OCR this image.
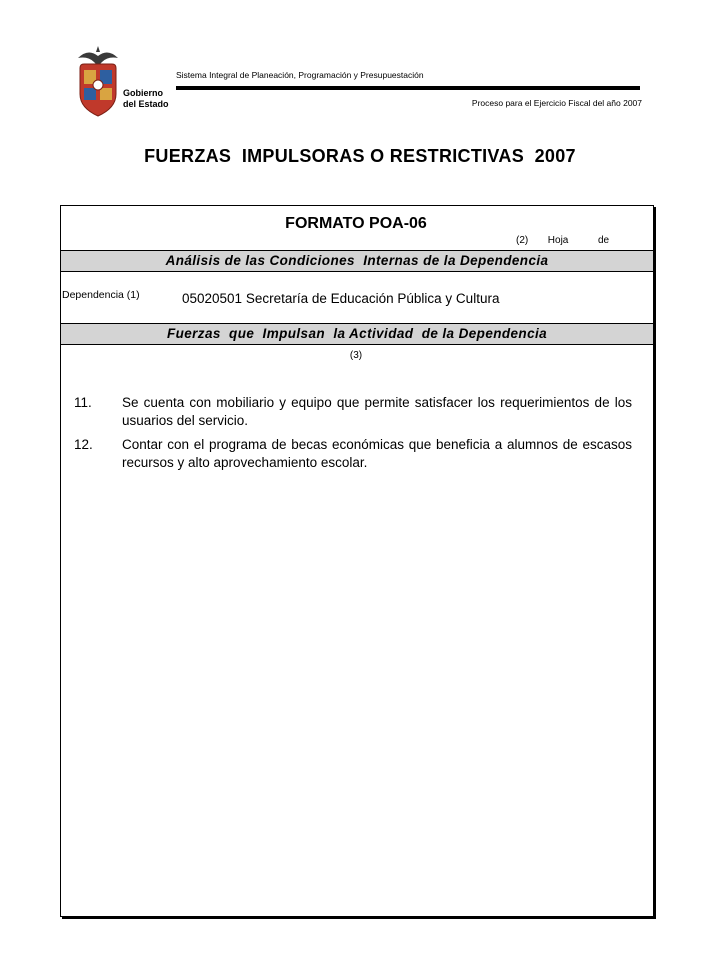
Gobierno
del Estado
Sistema Integral de Planeación, Programación y Presupuestación
Proceso para el Ejercicio Fiscal del año 2007
FUERZAS  IMPULSORAS O RESTRICTIVAS  2007
FORMATO POA-06
(2) Hoja	de
Análisis de las Condiciones  Internas de la Dependencia
Dependencia (1)	05020501 Secretaría de Educación Pública y Cultura
Fuerzas  que  Impulsan  la Actividad  de la Dependencia
(3)
11.	Se cuenta con mobiliario y equipo que permite satisfacer los requerimientos de los usuarios del servicio.
12.	Contar con el programa de becas económicas que beneficia a alumnos de escasos recursos y alto aprovechamiento escolar.
